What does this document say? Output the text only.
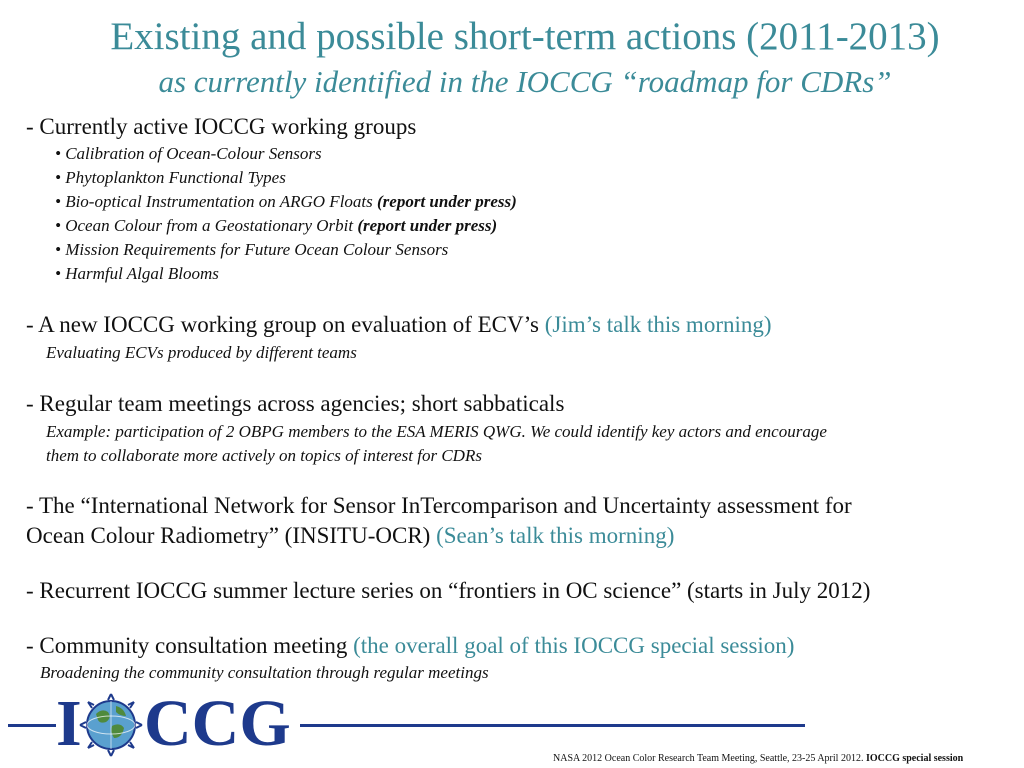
Existing and possible short-term actions (2011-2013)
as currently identified in the IOCCG “roadmap for CDRs”
- Currently active IOCCG working groups
• Calibration of Ocean-Colour Sensors
• Phytoplankton Functional Types
• Bio-optical Instrumentation on ARGO Floats (report under press)
• Ocean Colour from a Geostationary Orbit (report under press)
• Mission Requirements for Future Ocean Colour Sensors
• Harmful Algal Blooms
- A new IOCCG working group on evaluation of ECV’s (Jim’s talk this morning)
Evaluating ECVs produced by different teams
- Regular team meetings across agencies; short sabbaticals
Example: participation of 2 OBPG members to the ESA MERIS QWG. We could identify key actors and encourage
them to collaborate more actively on topics of interest for CDRs
- The “International Network for Sensor InTercomparison and Uncertainty assessment for
Ocean Colour Radiometry” (INSITU-OCR) (Sean’s talk this morning)
- Recurrent IOCCG summer lecture series on “frontiers in OC science” (starts in July 2012)
- Community consultation meeting (the overall goal of this IOCCG special session)
Broadening the community consultation through regular meetings
I CCG	NASA 2012 Ocean Color Research Team Meeting, Seattle, 23-25 April 2012. IOCCG special session
